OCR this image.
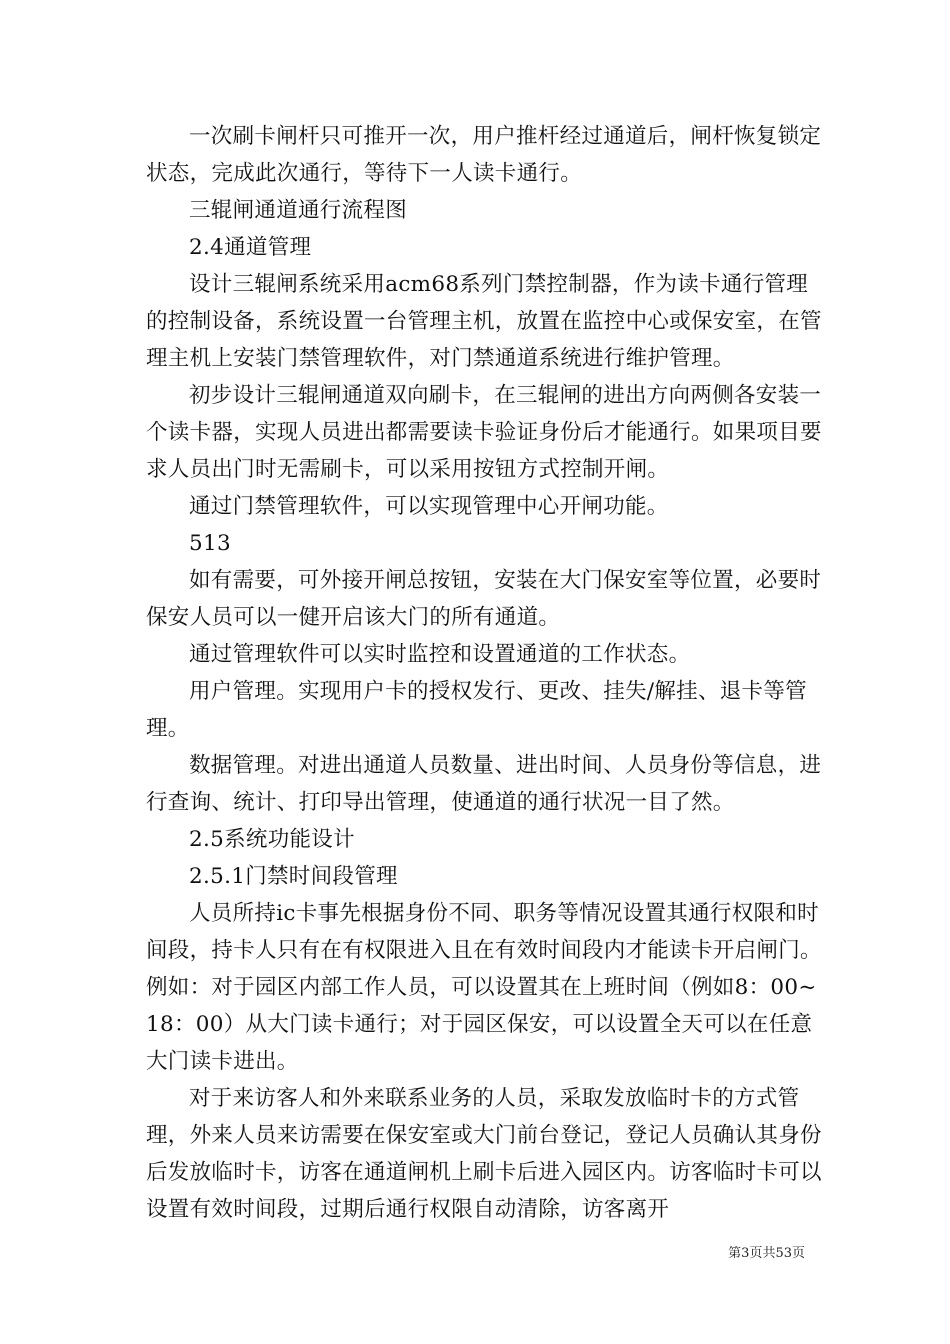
一次刷卡闸杆只可推开一次，用户推杆经过通道后，闸杆恢复锁定状态，完成此次通行，等待下一人读卡通行。

三辊闸通道通行流程图

2.4通道管理

设计三辊闸系统采用acm68系列门禁控制器，作为读卡通行管理的控制设备，系统设置一台管理主机，放置在监控中心或保安室，在管理主机上安装门禁管理软件，对门禁通道系统进行维护管理。

初步设计三辊闸通道双向刷卡，在三辊闸的进出方向两侧各安装一个读卡器，实现人员进出都需要读卡验证身份后才能通行。如果项目要求人员出门时无需刷卡，可以采用按钮方式控制开闸。

通过门禁管理软件，可以实现管理中心开闸功能。

513

如有需要，可外接开闸总按钮，安装在大门保安室等位置，必要时保安人员可以一健开启该大门的所有通道。

通过管理软件可以实时监控和设置通道的工作状态。

用户管理。实现用户卡的授权发行、更改、挂失/解挂、退卡等管理。

数据管理。对进出通道人员数量、进出时间、人员身份等信息，进行查询、统计、打印导出管理，使通道的通行状况一目了然。

2.5系统功能设计

2.5.1门禁时间段管理

人员所持ic卡事先根据身份不同、职务等情况设置其通行权限和时间段，持卡人只有在有权限进入且在有效时间段内才能读卡开启闸门。例如：对于园区内部工作人员，可以设置其在上班时间（例如8：00~18：00）从大门读卡通行；对于园区保安，可以设置全天可以在任意大门读卡进出。

对于来访客人和外来联系业务的人员，采取发放临时卡的方式管理，外来人员来访需要在保安室或大门前台登记，登记人员确认其身份后发放临时卡，访客在通道闸机上刷卡后进入园区内。访客临时卡可以设置有效时间段，过期后通行权限自动清除，访客离开

第3页共53页
